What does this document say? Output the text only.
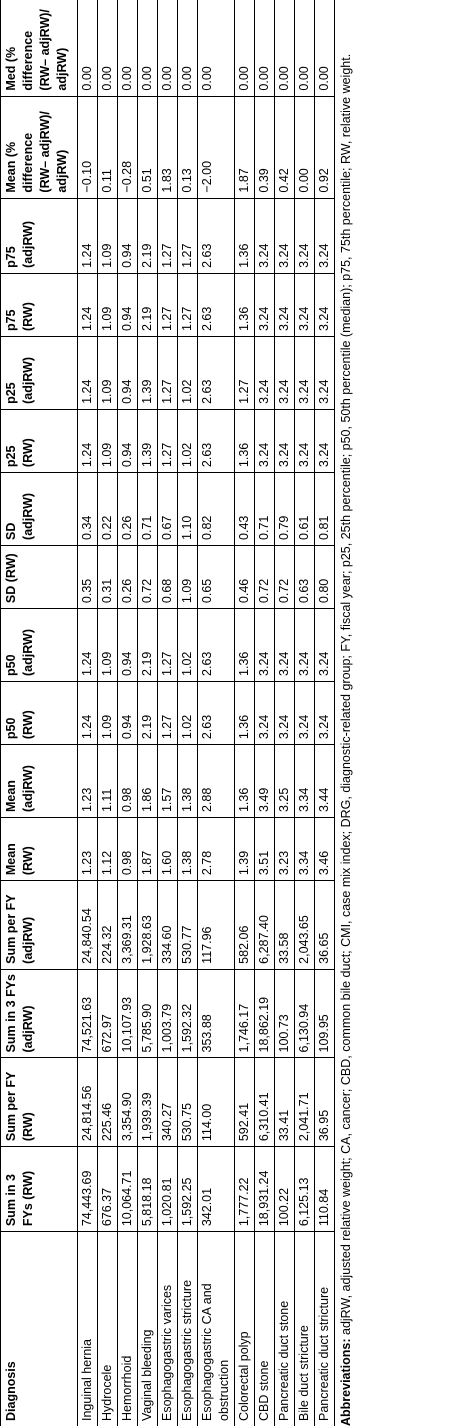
Diagnosis	Sum in 3 FYs (RW)	Sum per FY (RW)	Sum in 3 FYs (adjRW)	Sum per FY (adjRW)	Mean (RW)	Mean (adjRW)	p50 (RW)	p50 (adjRW)	SD (RW)	SD (adjRW)	p25 (RW)	p25 (adjRW)	p75 (RW)	p75 (adjRW)	Mean (% difference (RW– adjRW)/ adjRW)	Med (% difference (RW– adjRW)/ adjRW)
Inguinal hernia	74,443.69	24,814.56	74,521.63	24,840.54	1.23	1.23	1.24	1.24	0.35	0.34	1.24	1.24	1.24	1.24	−0.10	0.00
Hydrocele	676.37	225.46	672.97	224.32	1.12	1.11	1.09	1.09	0.31	0.22	1.09	1.09	1.09	1.09	0.11	0.00
Hemorrhoid	10,064.71	3,354.90	10,107.93	3,369.31	0.98	0.98	0.94	0.94	0.26	0.26	0.94	0.94	0.94	0.94	−0.28	0.00
Vaginal bleeding	5,818.18	1,939.39	5,785.90	1,928.63	1.87	1.86	2.19	2.19	0.72	0.71	1.39	1.39	2.19	2.19	0.51	0.00
Esophagogastric varices	1,020.81	340.27	1,003.79	334.60	1.60	1.57	1.27	1.27	0.68	0.67	1.27	1.27	1.27	1.27	1.83	0.00
Esophagogastric stricture	1,592.25	530.75	1,592.32	530.77	1.38	1.38	1.02	1.02	1.09	1.10	1.02	1.02	1.27	1.27	0.13	0.00
Esophagogastric CA and obstruction	342.01	114.00	353.88	117.96	2.78	2.88	2.63	2.63	0.65	0.82	2.63	2.63	2.63	2.63	−2.00	0.00
Colorectal polyp	1,777.22	592.41	1,746.17	582.06	1.39	1.36	1.36	1.36	0.46	0.43	1.36	1.27	1.36	1.36	1.87	0.00
CBD stone	18,931.24	6,310.41	18,862.19	6,287.40	3.51	3.49	3.24	3.24	0.72	0.71	3.24	3.24	3.24	3.24	0.39	0.00
Pancreatic duct stone	100.22	33.41	100.73	33.58	3.23	3.25	3.24	3.24	0.72	0.79	3.24	3.24	3.24	3.24	0.42	0.00
Bile duct stricture	6,125.13	2,041.71	6,130.94	2,043.65	3.34	3.34	3.24	3.24	0.63	0.61	3.24	3.24	3.24	3.24	0.00	0.00
Pancreatic duct stricture	110.84	36.95	109.95	36.65	3.46	3.44	3.24	3.24	0.80	0.81	3.24	3.24	3.24	3.24	0.92	0.00

Abbreviations: adjRW, adjusted relative weight; CA, cancer; CBD, common bile duct; CMI, case mix index; DRG, diagnostic-related group; FY, fiscal year; p25, 25th percentile; p50, 50th percentile (median); p75, 75th percentile; RW, relative weight.
